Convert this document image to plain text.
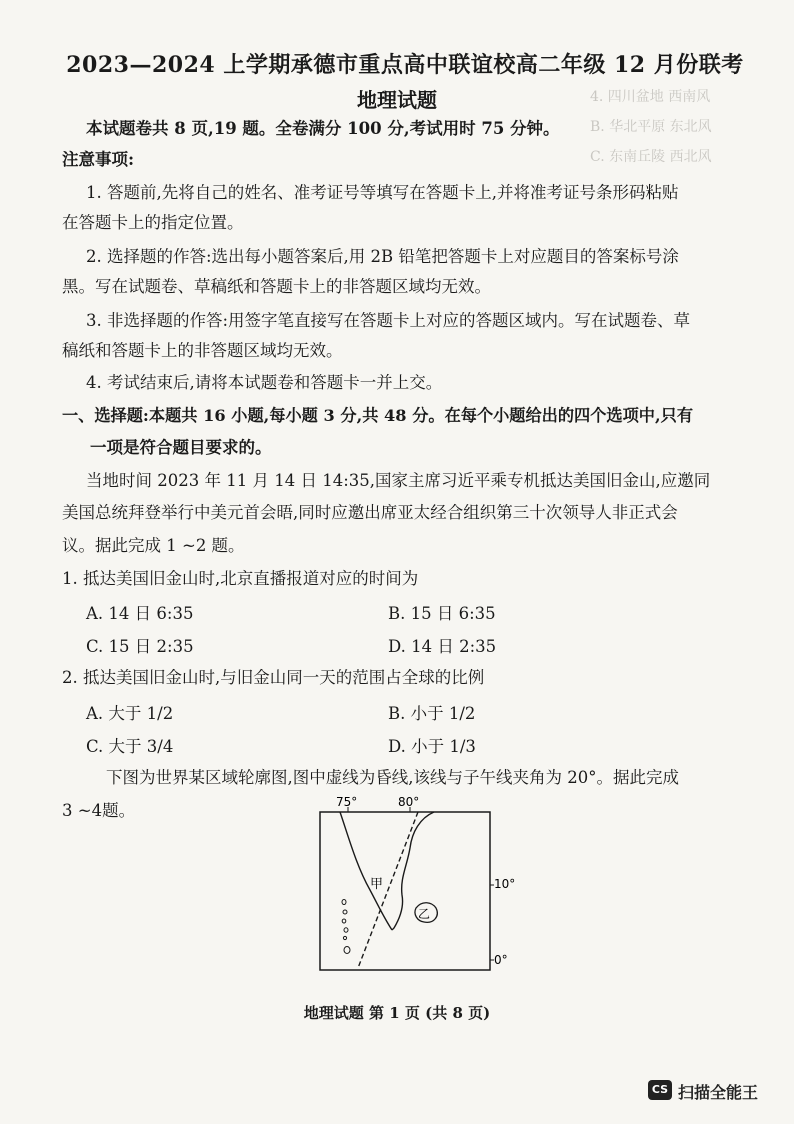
4. 四川盆地 西南风
B. 华北平原 东北风
C. 东南丘陵 西北风
2023—2024 上学期承德市重点高中联谊校高二年级 12 月份联考
地理试题
本试题卷共 8 页,19 题。全卷满分 100 分,考试用时 75 分钟。
注意事项:
1. 答题前,先将自己的姓名、准考证号等填写在答题卡上,并将准考证号条形码粘贴
在答题卡上的指定位置。
2. 选择题的作答:选出每小题答案后,用 2B 铅笔把答题卡上对应题目的答案标号涂
黑。写在试题卷、草稿纸和答题卡上的非答题区域均无效。
3. 非选择题的作答:用签字笔直接写在答题卡上对应的答题区域内。写在试题卷、草
稿纸和答题卡上的非答题区域均无效。
4. 考试结束后,请将本试题卷和答题卡一并上交。
一、选择题:本题共 16 小题,每小题 3 分,共 48 分。在每个小题给出的四个选项中,只有
一项是符合题目要求的。
当地时间 2023 年 11 月 14 日 14:35,国家主席习近平乘专机抵达美国旧金山,应邀同
美国总统拜登举行中美元首会晤,同时应邀出席亚太经合组织第三十次领导人非正式会
议。据此完成 1 ~2 题。
1. 抵达美国旧金山时,北京直播报道对应的时间为
A. 14 日 6:35	B. 15 日 6:35
C. 15 日 2:35	D. 14 日 2:35
2. 抵达美国旧金山时,与旧金山同一天的范围占全球的比例
A. 大于 1/2	B. 小于 1/2
C. 大于 3/4	D. 小于 1/3
下图为世界某区域轮廓图,图中虚线为昏线,该线与子午线夹角为 20°。据此完成
3 ~4题。	75°	80°
10°
0°
甲
乙
地理试题 第 1 页 (共 8 页)
CS 扫描全能王
